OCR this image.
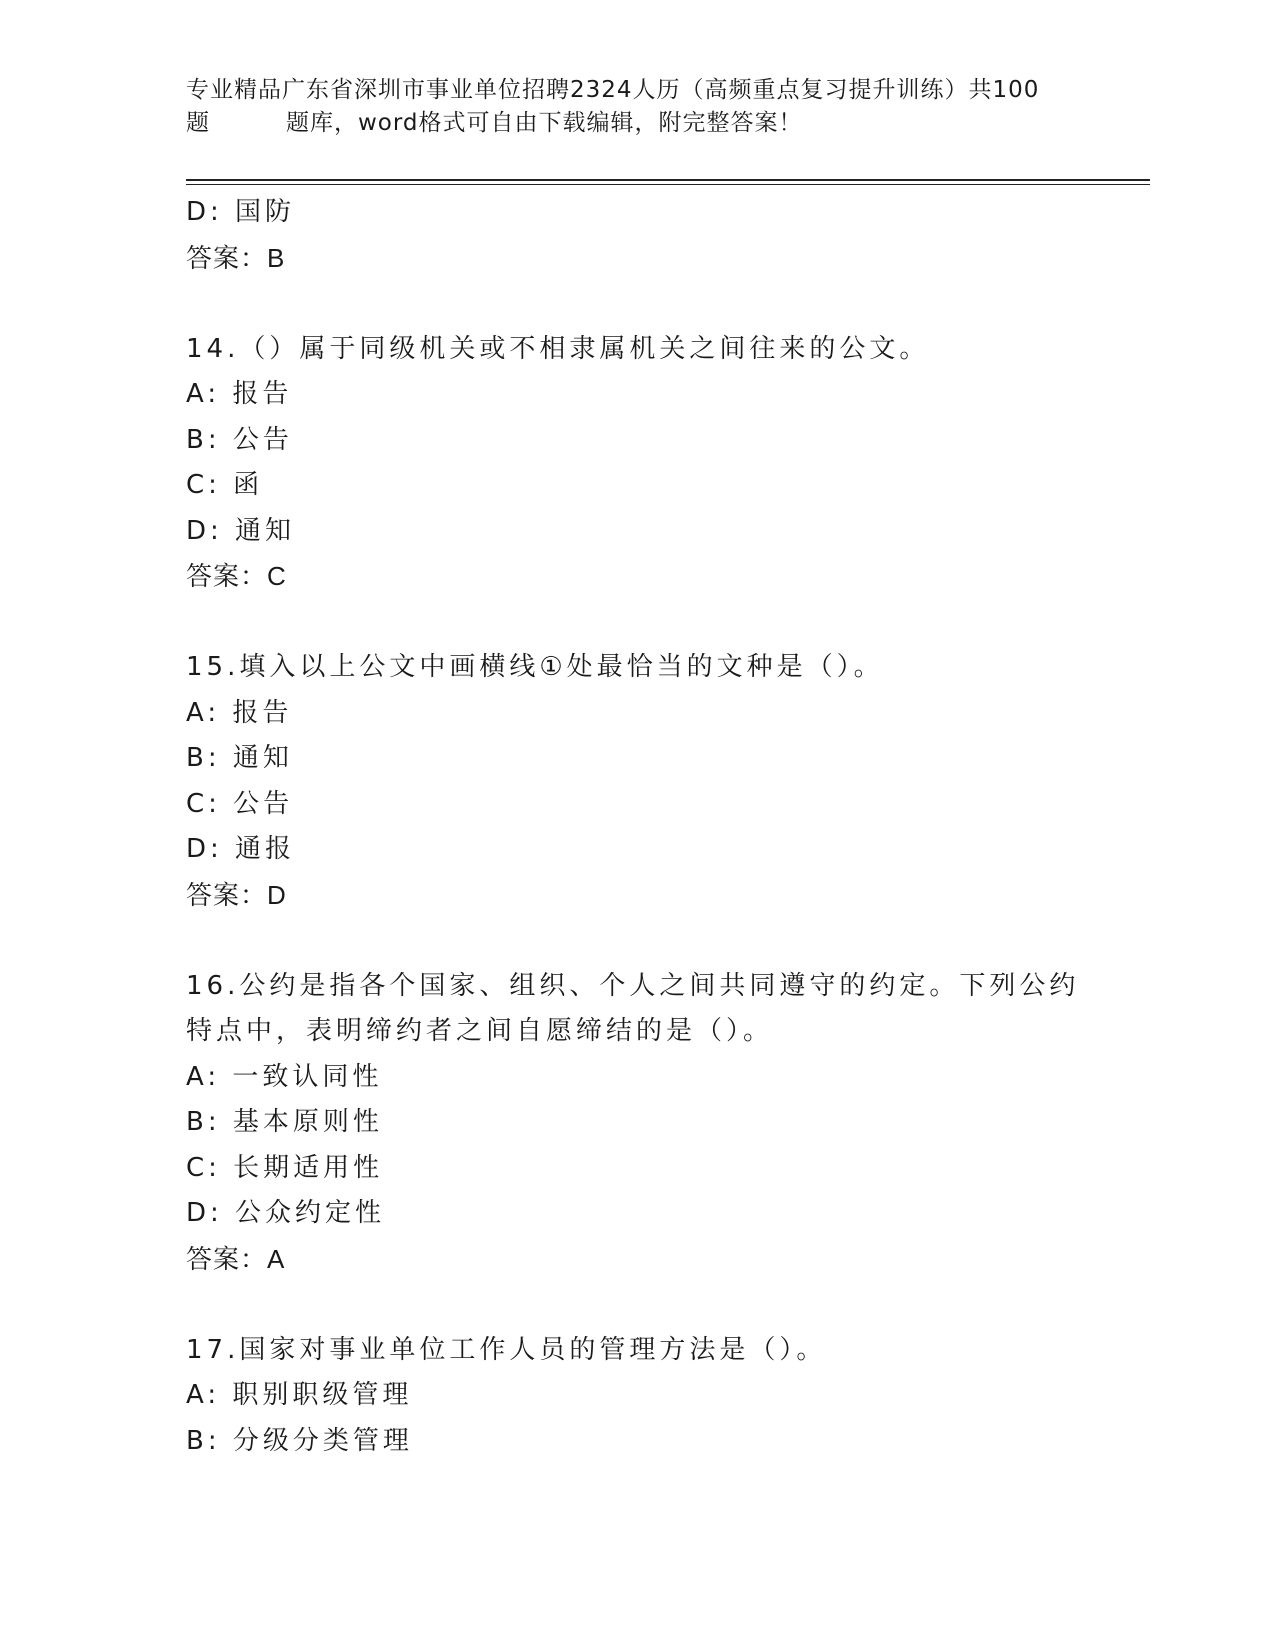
专业精品广东省深圳市事业单位招聘2324人历（高频重点复习提升训练）共100
题	题库，word格式可自由下载编辑，附完整答案！
D: 国防
答案：B
14.（）属于同级机关或不相隶属机关之间往来的公文。
A: 报告
B: 公告
C: 函
D: 通知
答案：C
15.填入以上公文中画横线①处最恰当的文种是（）。
A: 报告
B: 通知
C: 公告
D: 通报
答案：D
16.公约是指各个国家、组织、个人之间共同遵守的约定。下列公约特点中，表明缔约者之间自愿缔结的是（）。
A: 一致认同性
B: 基本原则性
C: 长期适用性
D: 公众约定性
答案：A
17.国家对事业单位工作人员的管理方法是（）。
A: 职别职级管理
B: 分级分类管理
